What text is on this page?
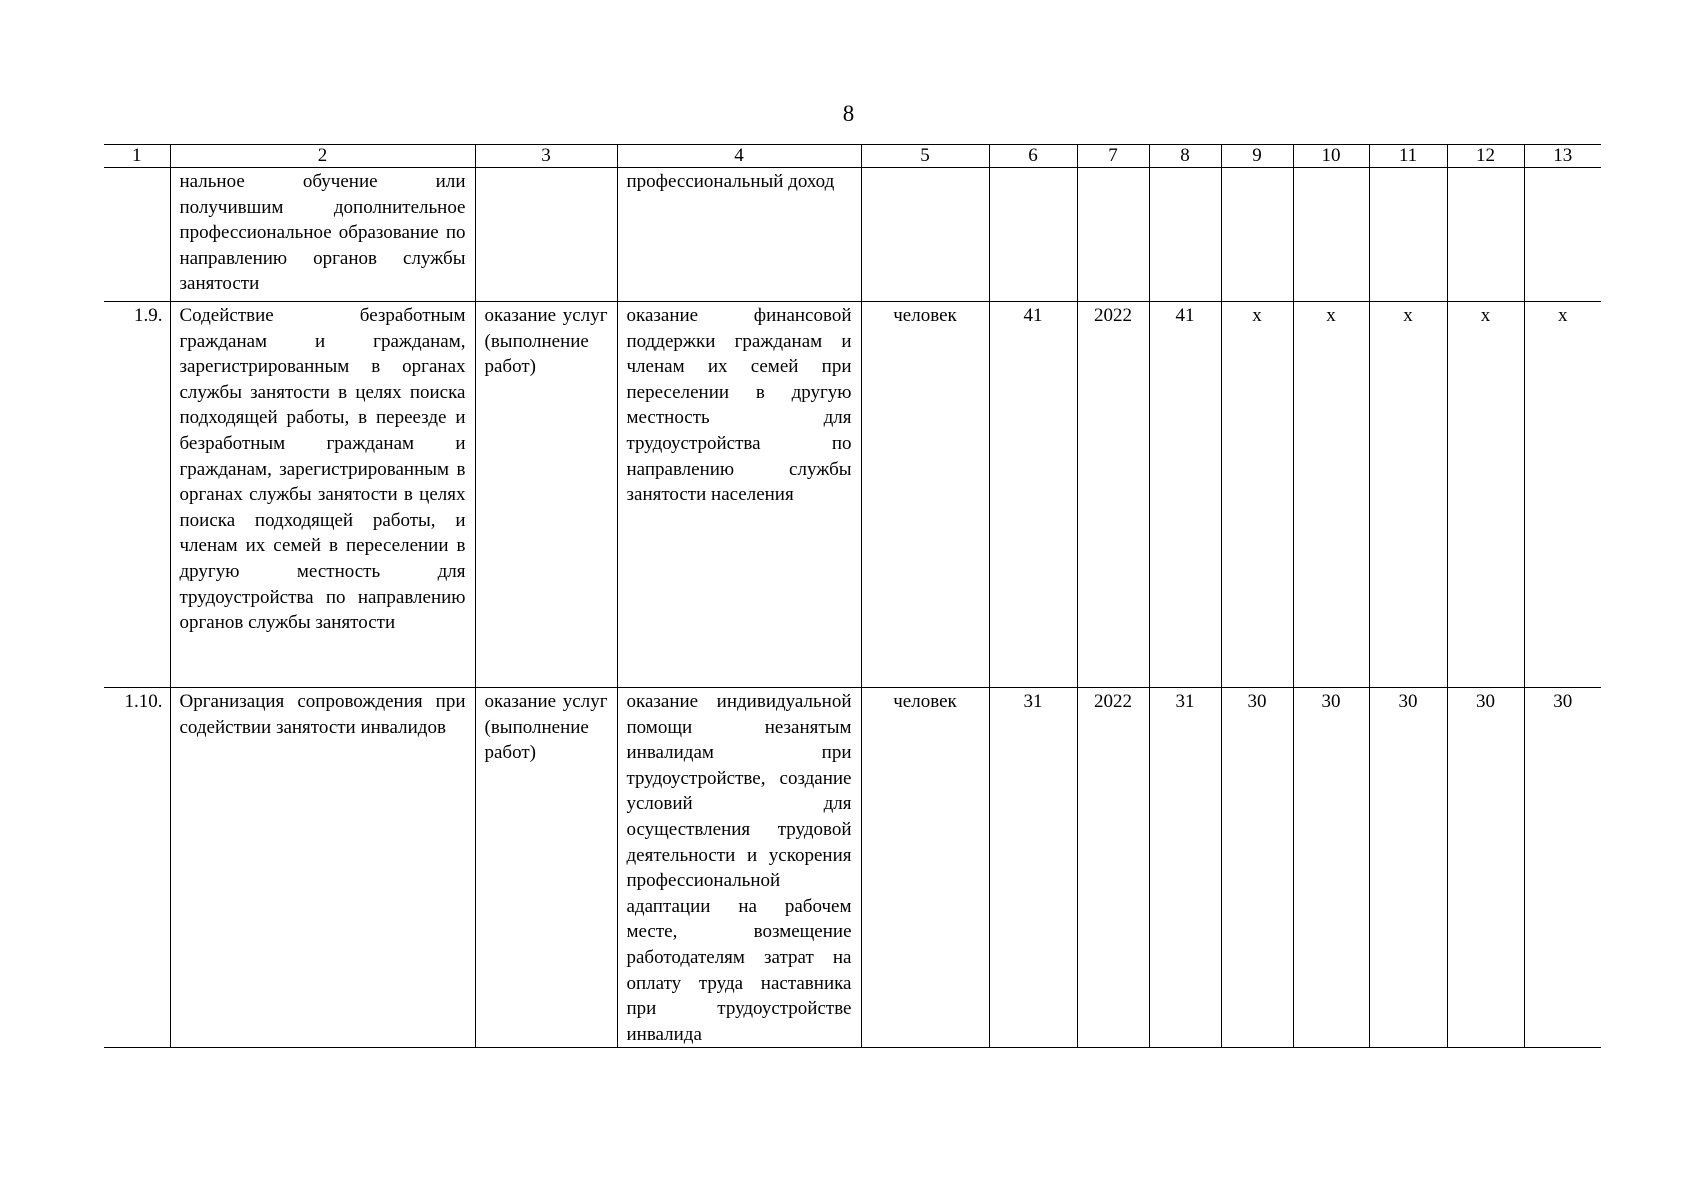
8
1	2	3	4	5	6	7	8	9	10	11	12	13
	нальное обучение или получившим дополнительное профессиональное образование по направлению органов службы занятости		профессиональный доход									
1.9.	Содействие безработным гражданам и гражданам, зарегистрированным в органах службы занятости в целях поиска подходящей работы, в переезде и безработным гражданам и гражданам, зарегистрированным в органах службы занятости в целях поиска подходящей работы, и членам их семей в переселении в другую местность для трудоустройства по направлению органов службы занятости	оказание услуг (выполнение работ)	оказание финансовой поддержки гражданам и членам их семей при переселении в другую местность для трудоустройства по направлению службы занятости населения	человек	41	2022	41	х	х	х	х	х
1.10.	Организация сопровождения при содействии занятости инвалидов	оказание услуг (выполнение работ)	оказание индивидуальной помощи незанятым инвалидам при трудоустройстве, создание условий для осуществления трудовой деятельности и ускорения профессиональной адаптации на рабочем месте, возмещение работодателям затрат на оплату труда наставника при трудоустройстве инвалида	человек	31	2022	31	30	30	30	30	30
